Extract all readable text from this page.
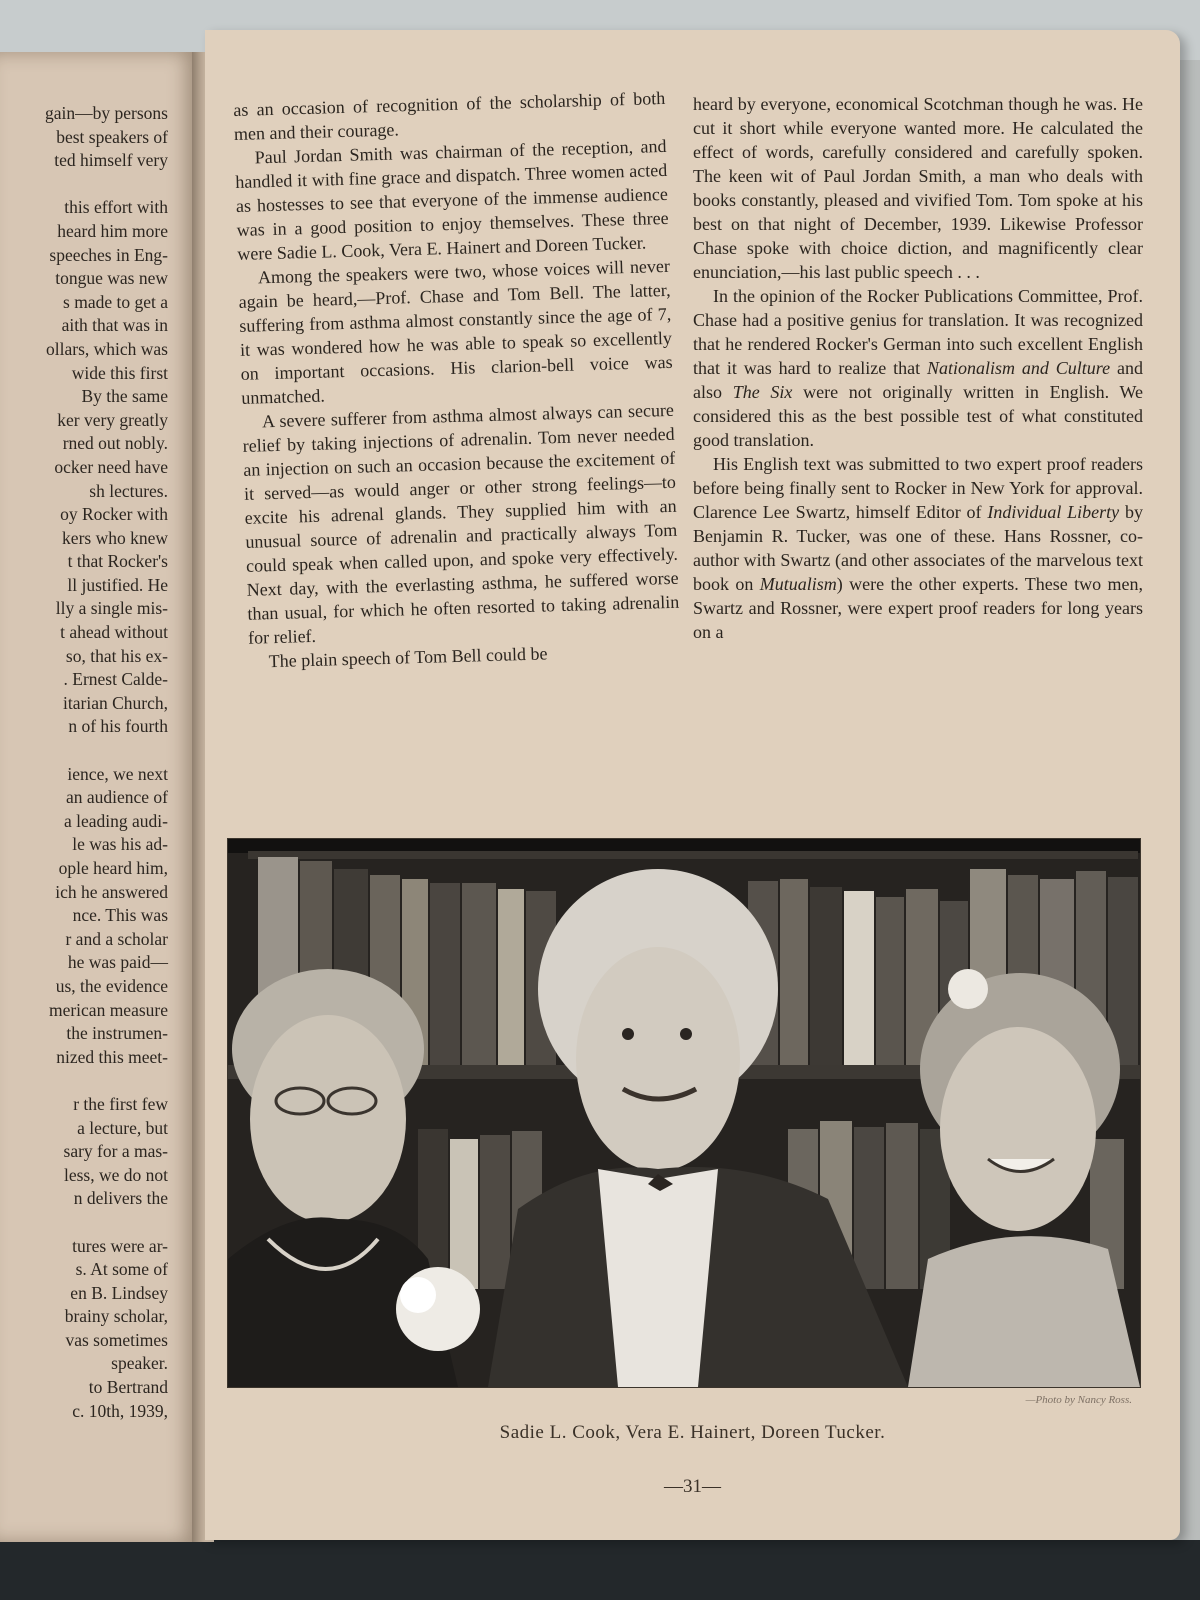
gain—by persons
best speakers of
ted himself very
this effort with
heard him more
speeches in Eng-
tongue was new
s made to get a
aith that was in
ollars, which was
wide this first
By the same
ker very greatly
rned out nobly.
ocker need have
sh lectures.
oy Rocker with
kers who knew
t that Rocker's
ll justified. He
lly a single mis-
t ahead without
so, that his ex-
. Ernest Calde-
itarian Church,
n of his fourth
ience, we next
an audience of
a leading audi-
le was his ad-
ople heard him,
ich he answered
nce. This was
r and a scholar
he was paid—
us, the evidence
merican measure
the instrumen-
nized this meet-
r the first few
a lecture, but
sary for a mas-
less, we do not
n delivers the
tures were ar-
s. At some of
en B. Lindsey
brainy scholar,
vas sometimes
speaker.
to Bertrand
c. 10th, 1939,

as an occasion of recognition of the scholarship of both men and their courage.

Paul Jordan Smith was chairman of the reception, and handled it with fine grace and dispatch. Three women acted as hostesses to see that everyone of the immense audience was in a good position to enjoy themselves. These three were Sadie L. Cook, Vera E. Hainert and Doreen Tucker.

Among the speakers were two, whose voices will never again be heard,—Prof. Chase and Tom Bell. The latter, suffering from asthma almost constantly since the age of 7, it was wondered how he was able to speak so excellently on important occasions. His clarion-bell voice was unmatched.

A severe sufferer from asthma almost always can secure relief by taking injections of adrenalin. Tom never needed an injection on such an occasion because the excitement of it served—as would anger or other strong feelings—to excite his adrenal glands. They supplied him with an unusual source of adrenalin and practically always Tom could speak when called upon, and spoke very effectively. Next day, with the everlasting asthma, he suffered worse than usual, for which he often resorted to taking adrenalin for relief.

The plain speech of Tom Bell could be

heard by everyone, economical Scotchman though he was. He cut it short while everyone wanted more. He calculated the effect of words, carefully considered and carefully spoken. The keen wit of Paul Jordan Smith, a man who deals with books constantly, pleased and vivified Tom. Tom spoke at his best on that night of December, 1939. Likewise Professor Chase spoke with choice diction, and magnificently clear enunciation,—his last public speech . . .

In the opinion of the Rocker Publications Committee, Prof. Chase had a positive genius for translation. It was recognized that he rendered Rocker's German into such excellent English that it was hard to realize that Nationalism and Culture and also The Six were not originally written in English. We considered this as the best possible test of what constituted good translation.

His English text was submitted to two expert proof readers before being finally sent to Rocker in New York for approval. Clarence Lee Swartz, himself Editor of Individual Liberty by Benjamin R. Tucker, was one of these. Hans Rossner, co-author with Swartz (and other associates of the marvelous text book on Mutualism) were the other experts. These two men, Swartz and Rossner, were expert proof readers for long years on a

—Photo by Nancy Ross.
Sadie L. Cook, Vera E. Hainert, Doreen Tucker.
—31—
